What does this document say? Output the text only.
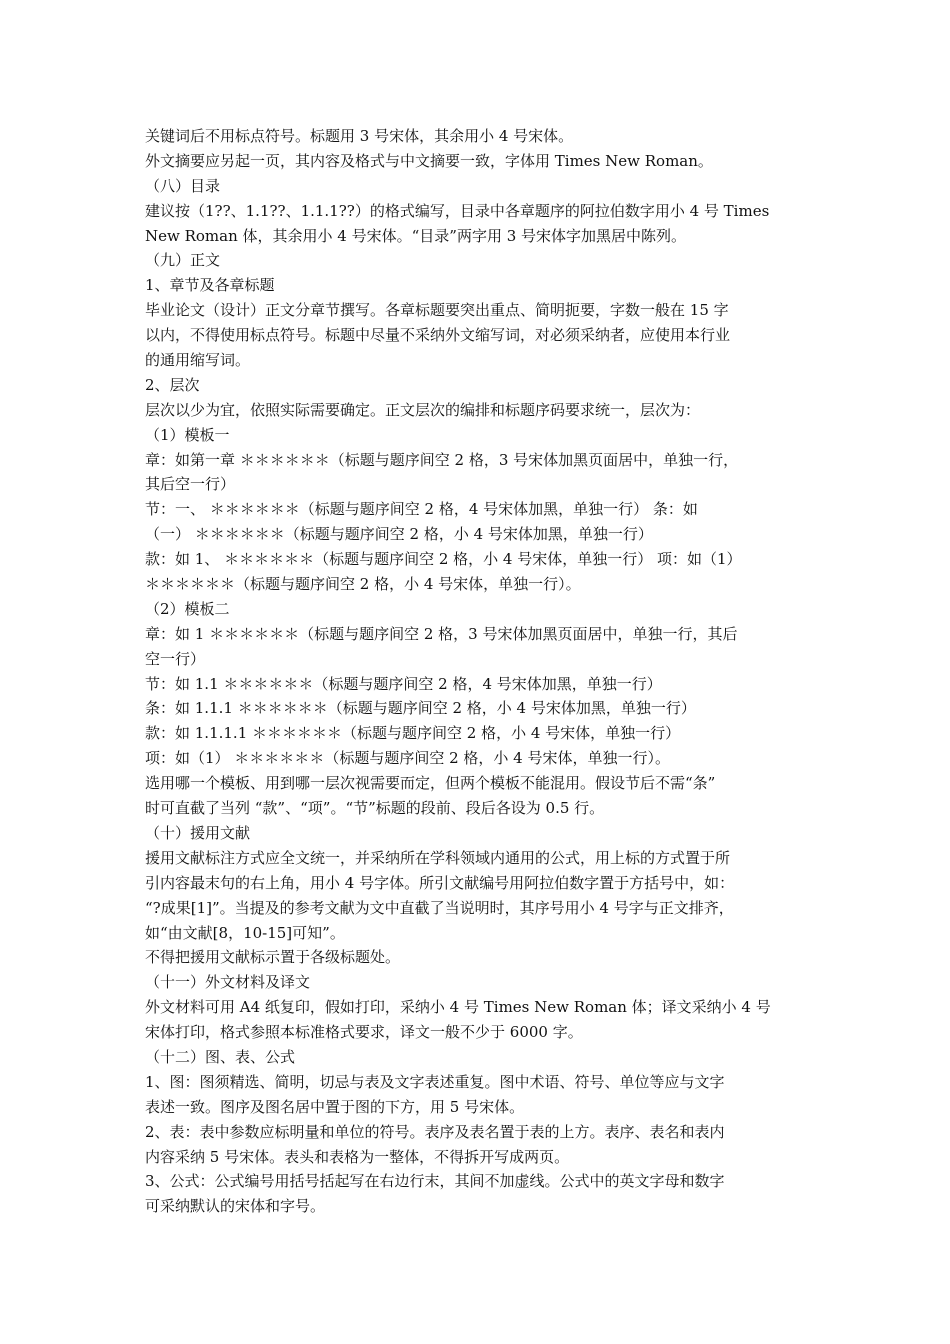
关键词后不用标点符号。标题用 3 号宋体，其余用小 4 号宋体。
外文摘要应另起一页，其内容及格式与中文摘要一致，字体用 Times New Roman。
（八）目录
建议按（1??、1.1??、1.1.1??）的格式编写，目录中各章题序的阿拉伯数字用小 4 号 Times
New Roman 体，其余用小 4 号宋体。“目录”两字用 3 号宋体字加黑居中陈列。
（九）正文
1、章节及各章标题
毕业论文（设计）正文分章节撰写。各章标题要突出重点、简明扼要，字数一般在 15 字
以内，不得使用标点符号。标题中尽量不采纳外文缩写词，对必须采纳者，应使用本行业
的通用缩写词。
2、层次
层次以少为宜，依照实际需要确定。正文层次的编排和标题序码要求统一，层次为：
（1）模板一
章：如第一章 ＊＊＊＊＊＊（标题与题序间空 2 格，3 号宋体加黑页面居中，单独一行，
其后空一行）
节：一、 ＊＊＊＊＊＊（标题与题序间空 2 格，4 号宋体加黑，单独一行） 条：如
（一） ＊＊＊＊＊＊（标题与题序间空 2 格，小 4 号宋体加黑，单独一行）
款：如 1、 ＊＊＊＊＊＊（标题与题序间空 2 格，小 4 号宋体，单独一行） 项：如（1）
＊＊＊＊＊＊（标题与题序间空 2 格，小 4 号宋体，单独一行）。
（2）模板二
章：如 1 ＊＊＊＊＊＊（标题与题序间空 2 格，3 号宋体加黑页面居中，单独一行，其后
空一行）
节：如 1.1 ＊＊＊＊＊＊（标题与题序间空 2 格，4 号宋体加黑，单独一行）
条：如 1.1.1 ＊＊＊＊＊＊（标题与题序间空 2 格，小 4 号宋体加黑，单独一行）
款：如 1.1.1.1 ＊＊＊＊＊＊（标题与题序间空 2 格，小 4 号宋体，单独一行）
项：如（1） ＊＊＊＊＊＊（标题与题序间空 2 格，小 4 号宋体，单独一行）。
选用哪一个模板、用到哪一层次视需要而定，但两个模板不能混用。假设节后不需“条”
时可直截了当列 “款”、“项”。“节”标题的段前、段后各设为 0.5 行。
（十）援用文献
援用文献标注方式应全文统一，并采纳所在学科领域内通用的公式，用上标的方式置于所
引内容最末句的右上角，用小 4 号字体。所引文献编号用阿拉伯数字置于方括号中，如：
“?成果[1]”。当提及的参考文献为文中直截了当说明时，其序号用小 4 号字与正文排齐，
如“由文献[8，10-15]可知”。
不得把援用文献标示置于各级标题处。
（十一）外文材料及译文
外文材料可用 A4 纸复印，假如打印，采纳小 4 号 Times New Roman 体；译文采纳小 4 号
宋体打印，格式参照本标准格式要求，译文一般不少于 6000 字。
（十二）图、表、公式
1、图：图须精选、简明，切忌与表及文字表述重复。图中术语、符号、单位等应与文字
表述一致。图序及图名居中置于图的下方，用 5 号宋体。
2、表：表中参数应标明量和单位的符号。表序及表名置于表的上方。表序、表名和表内
内容采纳 5 号宋体。表头和表格为一整体，不得拆开写成两页。
3、公式：公式编号用括号括起写在右边行末，其间不加虚线。公式中的英文字母和数字
可采纳默认的宋体和字号。
